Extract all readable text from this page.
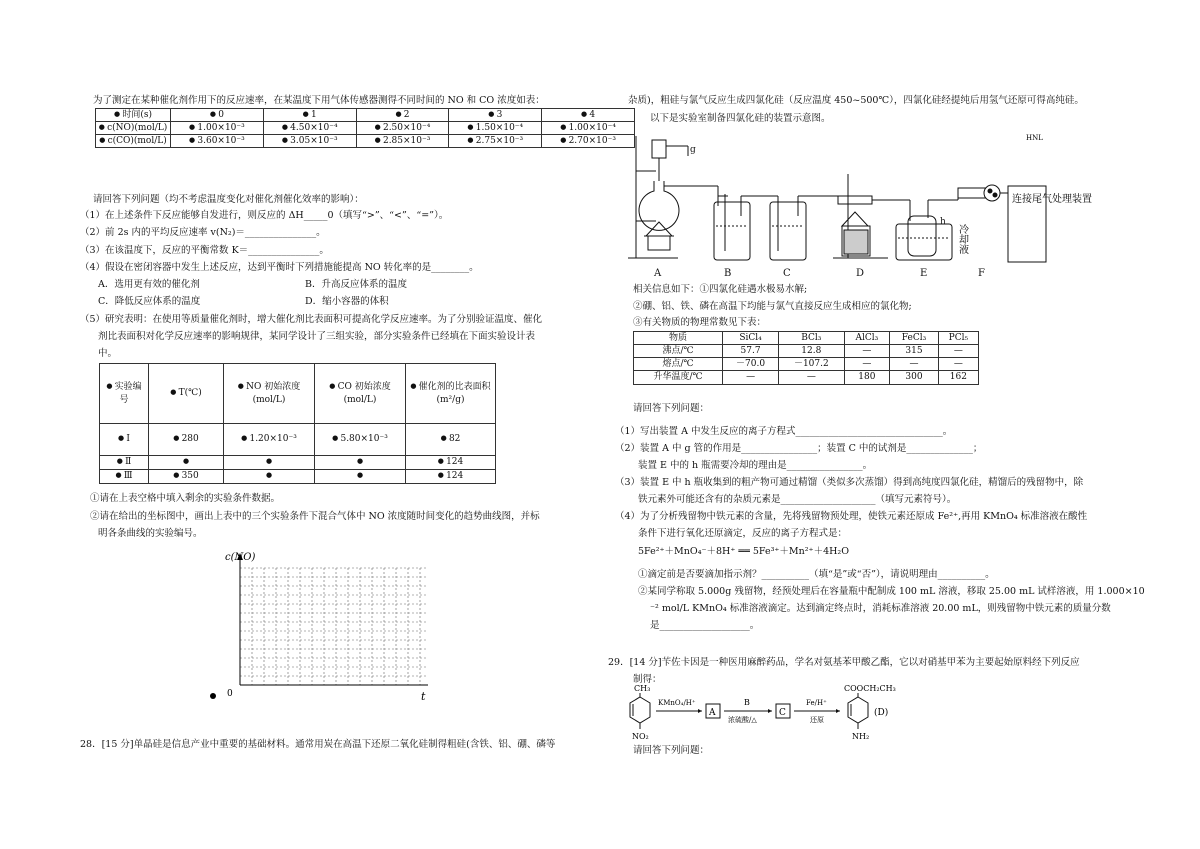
为了测定在某种催化剂作用下的反应速率，在某温度下用气体传感器测得不同时间的 NO 和 CO 浓度如表：

● 时间(s)	● 0	● 1	● 2	● 3	● 4
● c(NO)(mol/L)	● 1.00×10⁻³	● 4.50×10⁻⁴	● 2.50×10⁻⁴	● 1.50×10⁻⁴	● 1.00×10⁻⁴
● c(CO)(mol/L)	● 3.60×10⁻³	● 3.05×10⁻³	● 2.85×10⁻³	● 2.75×10⁻³	● 2.70×10⁻³

请回答下列问题（均不考虑温度变化对催化剂催化效率的影响）：

（1）在上述条件下反应能够自发进行，则反应的 ΔH_____0（填写“>”、“<”、“=”）。

（2）前 2s 内的平均反应速率 v(N₂)＝_______________。

（3）在该温度下，反应的平衡常数 K＝_______________。

（4）假设在密闭容器中发生上述反应，达到平衡时下列措施能提高 NO 转化率的是________。

A．选用更有效的催化剂	B．升高反应体系的温度

C．降低反应体系的温度	D．缩小容器的体积

（5）研究表明：在使用等质量催化剂时，增大催化剂比表面积可提高化学反应速率。为了分别验证温度、催化

剂比表面积对化学反应速率的影响规律，某同学设计了三组实验，部分实验条件已经填在下面实验设计表

中。

● 实验编号	● T(℃)	● NO 初始浓度 (mol/L)	● CO 初始浓度 (mol/L)	● 催化剂的比表面积 (m²/g)
● Ⅰ	● 280	● 1.20×10⁻³	● 5.80×10⁻³	● 82
● Ⅱ	●	●	●	● 124
● Ⅲ	● 350	●	●	● 124

①请在上表空格中填入剩余的实验条件数据。

②请在给出的坐标图中，画出上表中的三个实验条件下混合气体中 NO 浓度随时间变化的趋势曲线图，并标

明各条曲线的实验编号。

c(NO)
0	t

28．[15 分]单晶硅是信息产业中重要的基础材料。通常用炭在高温下还原二氧化硅制得粗硅(含铁、铝、硼、磷等

杂质)，粗硅与氯气反应生成四氯化硅（反应温度 450~500℃），四氯化硅经提纯后用氢气还原可得高纯硅。

以下是实验室制备四氯化硅的装置示意图。

HNL
g
h
冷却液
连接尾气处理装置
A	B	C	D	E	F

相关信息如下：①四氯化硅遇水极易水解;

②硼、铝、铁、磷在高温下均能与氯气直接反应生成相应的氯化物;

③有关物质的物理常数见下表：

物质	SiCl₄	BCl₃	AlCl₃	FeCl₃	PCl₅
沸点/℃	57.7	12.8	—	315	—
熔点/℃	－70.0	－107.2	—	—	—
升华温度/℃	—	—	180	300	162

请回答下列问题：

（1）写出装置 A 中发生反应的离子方程式_______________________________。

（2）装置 A 中 g 管的作用是________________；装置 C 中的试剂是______________；

装置 E 中的 h 瓶需要冷却的理由是________________。

（3）装置 E 中 h 瓶收集到的粗产物可通过精馏（类似多次蒸馏）得到高纯度四氯化硅，精馏后的残留物中，除

铁元素外可能还含有的杂质元素是____________________（填写元素符号）。

（4）为了分析残留物中铁元素的含量，先将残留物预处理，使铁元素还原成 Fe²⁺,再用 KMnO₄ 标准溶液在酸性

条件下进行氧化还原滴定，反应的离子方程式是：

5Fe²⁺＋MnO₄⁻＋8H⁺ ══ 5Fe³⁺＋Mn²⁺＋4H₂O

①滴定前是否要滴加指示剂？__________（填“是”或“否”），请说明理由__________。

②某同学称取 5.000g 残留物，经预处理后在容量瓶中配制成 100 mL 溶液，移取 25.00 mL 试样溶液，用 1.000×10

⁻² mol/L KMnO₄ 标准溶液滴定。达到滴定终点时，消耗标准溶液 20.00 mL，则残留物中铁元素的质量分数

是___________________。

29．[14 分]苄佐卡因是一种医用麻醉药品，学名对氨基苯甲酸乙酯，它以对硝基甲苯为主要起始原料经下列反应

制得：

CH₃
NO₂
KMnO₄/H⁺
A
B
浓硫酸/△
C
Fe/H⁺
还原
COOCH₂CH₃
NH₂
(D)

请回答下列问题：
